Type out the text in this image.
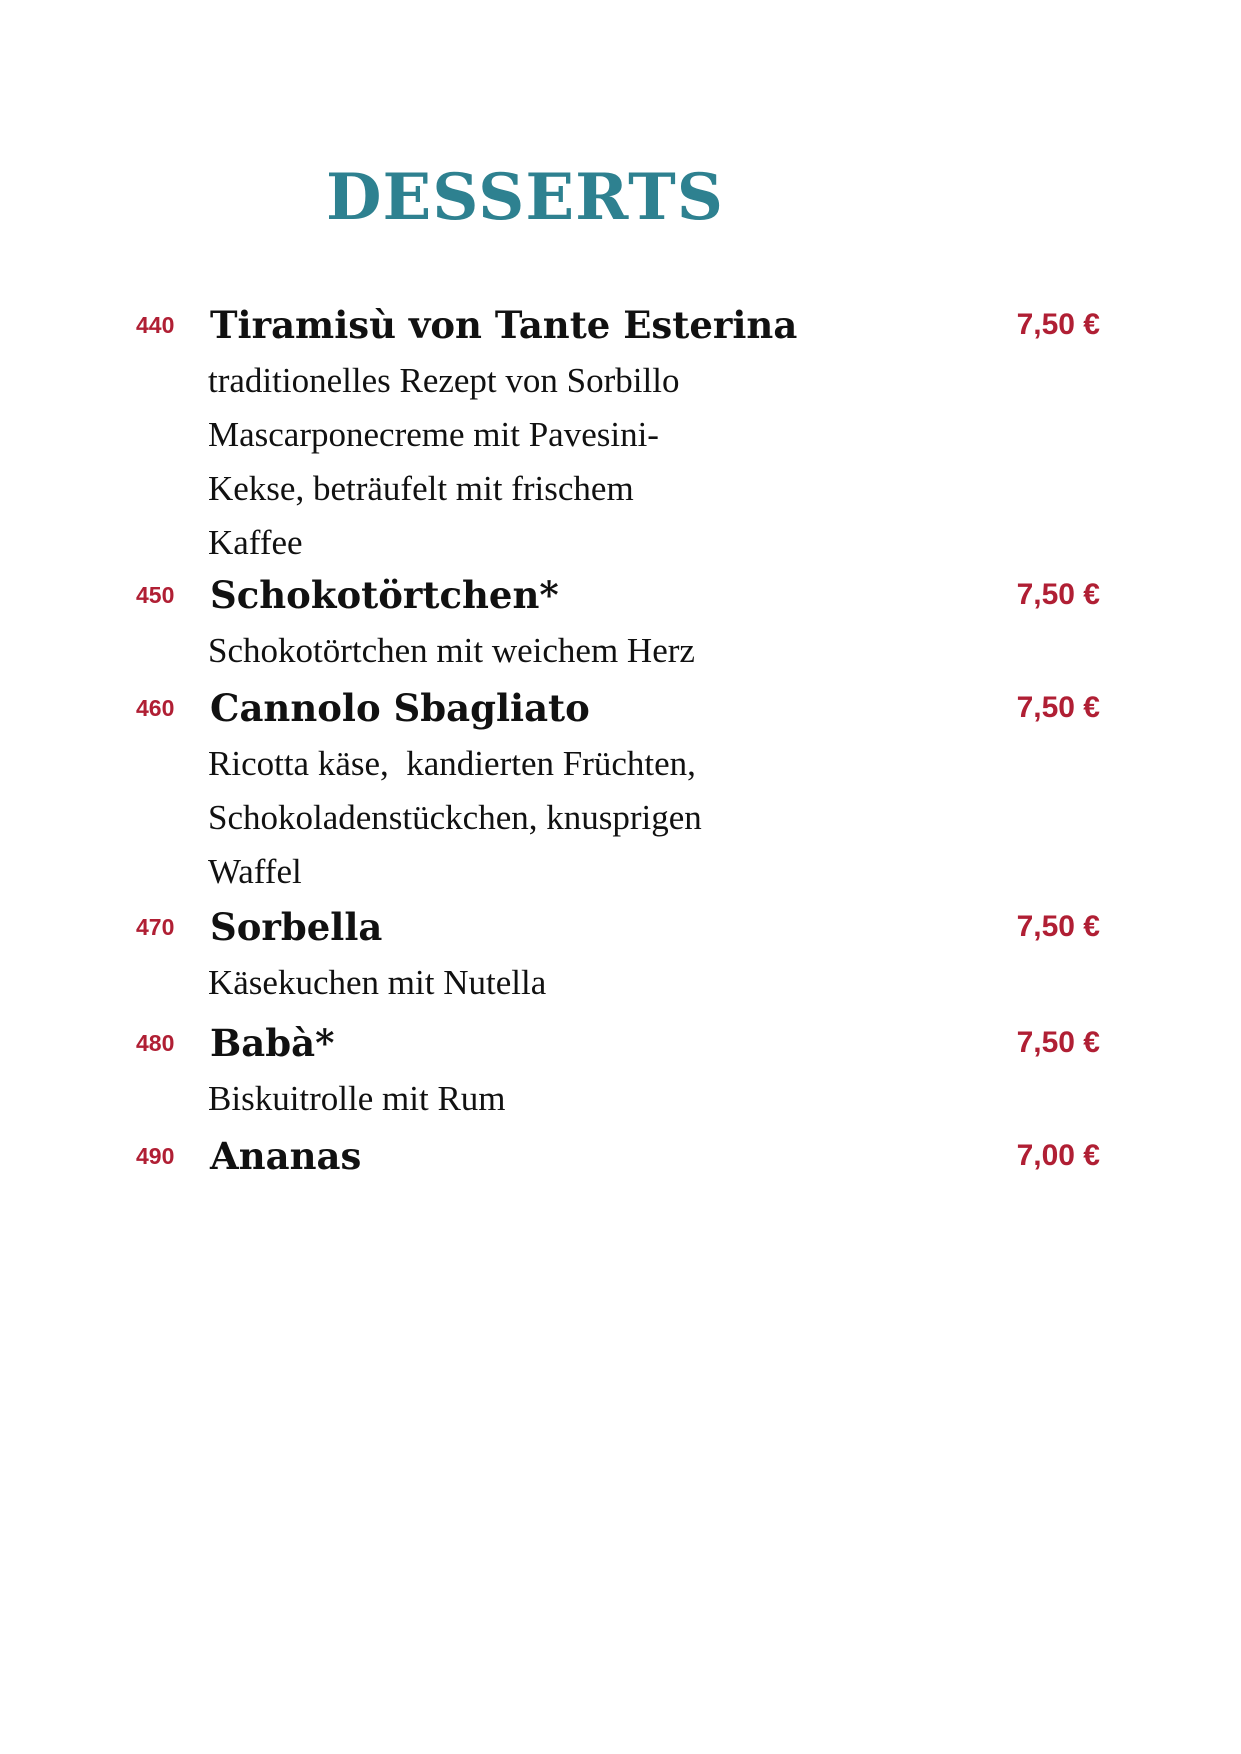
DESSERTS
440 Tiramisù von Tante Esterina	7,50 €
traditionelles Rezept von Sorbillo
Mascarponecreme mit Pavesini-
Kekse, beträufelt mit frischem
Kaffee
450 Schokotörtchen*	7,50 €
Schokotörtchen mit weichem Herz
460 Cannolo Sbagliato	7,50 €
Ricotta käse,  kandierten Früchten,
Schokoladenstückchen, knusprigen
Waffel
470 Sorbella	7,50 €
Käsekuchen mit Nutella
480 Babà*	7,50 €
Biskuitrolle mit Rum
490 Ananas	7,00 €
